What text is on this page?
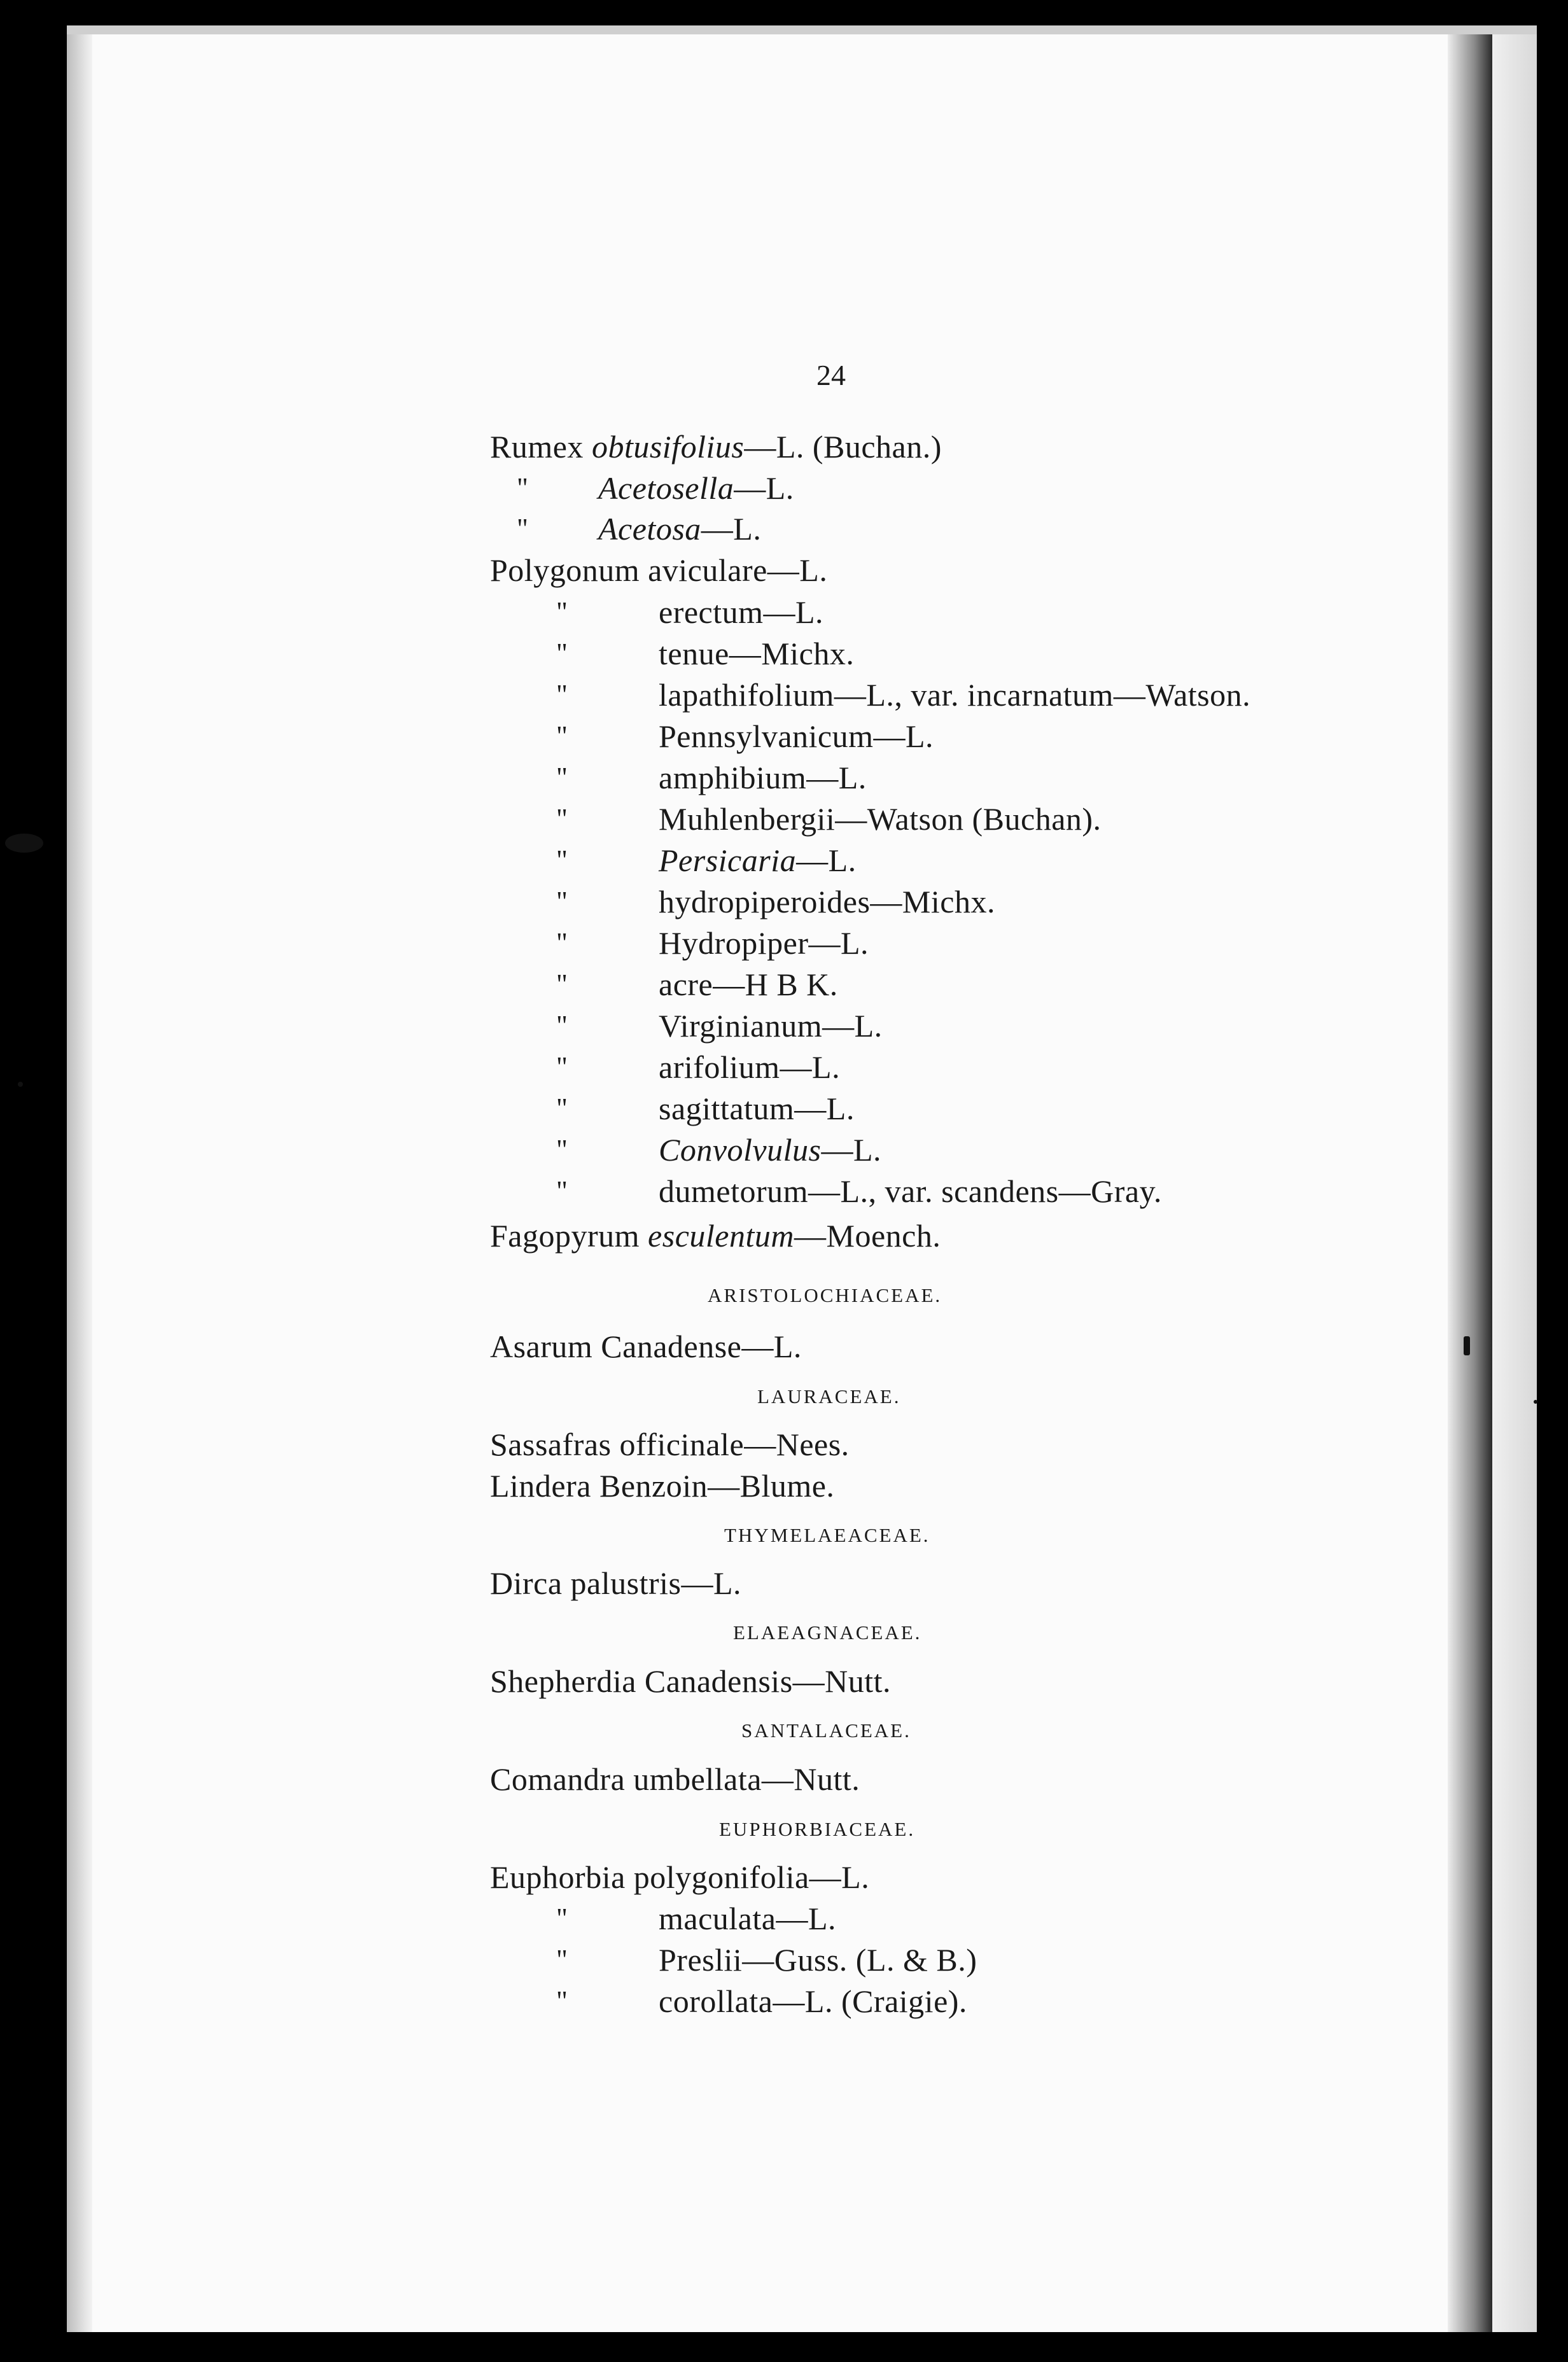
24
Rumex obtusifolius—L. (Buchan.)
" Acetosella—L.
" Acetosa—L.
Polygonum aviculare—L.
"	erectum—L.
"	tenue—Michx.
"	lapathifolium—L., var. incarnatum—Watson.
"	Pennsylvanicum—L.
"	amphibium—L.
"	Muhlenbergii—Watson (Buchan).
"	Persicaria—L.
"	hydropiperoides—Michx.
"	Hydropiper—L.
"	acre—H B K.
"	Virginianum—L.
"	arifolium—L.
"	sagittatum—L.
"	Convolvulus—L.
"	dumetorum—L., var. scandens—Gray.
Fagopyrum esculentum—Moench.
ARISTOLOCHIACEAE.
Asarum Canadense—L.
LAURACEAE.
Sassafras officinale—Nees.
Lindera Benzoin—Blume.
THYMELAEACEAE.
Dirca palustris—L.
ELAEAGNACEAE.
Shepherdia Canadensis—Nutt.
SANTALACEAE.
Comandra umbellata—Nutt.
EUPHORBIACEAE.
Euphorbia polygonifolia—L.
"	maculata—L.
"	Preslii—Guss. (L. & B.)
"	corollata—L. (Craigie).
